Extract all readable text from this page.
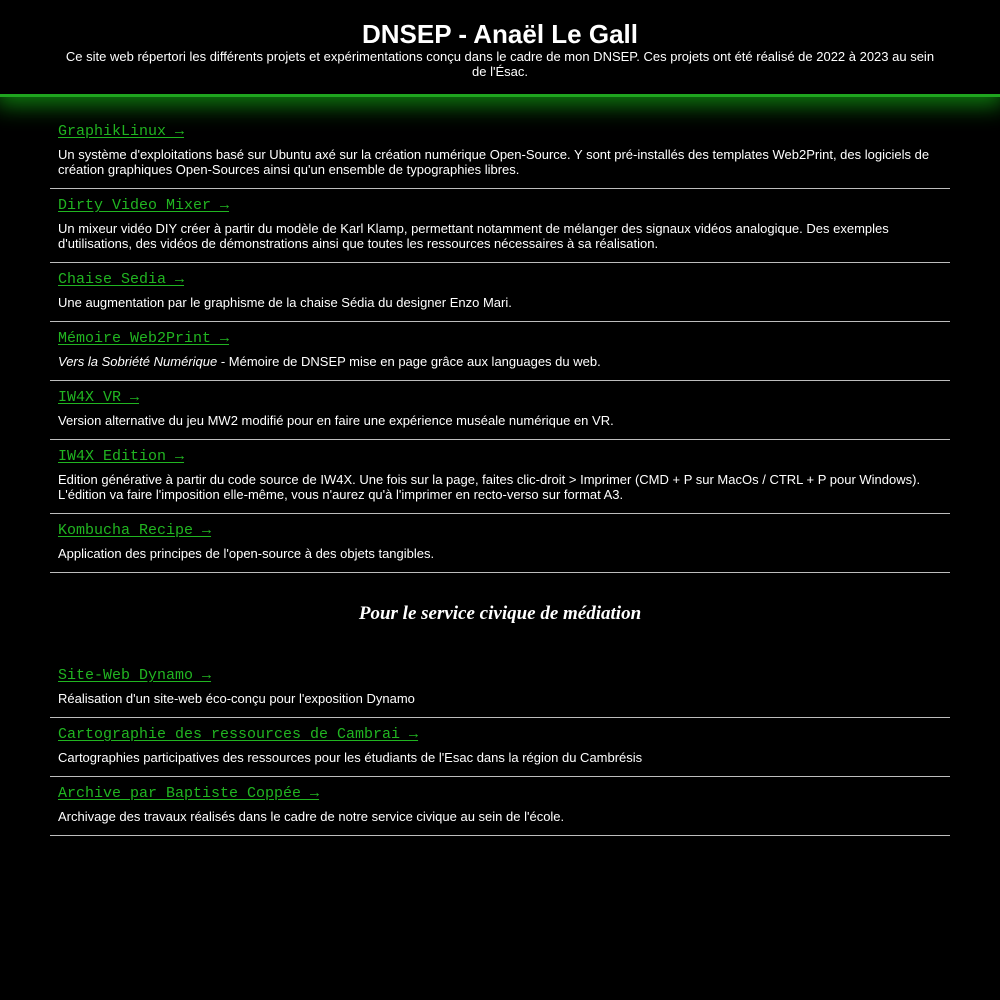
DNSEP - Anaël Le Gall

Ce site web répertori les différents projets et expérimentations conçu dans le cadre de mon DNSEP. Ces projets ont été réalisé de 2022 à 2023 au sein de l'Ésac.

GraphikLinux →

Un système d'exploitations basé sur Ubuntu axé sur la création numérique Open-Source. Y sont pré-installés des templates Web2Print, des logiciels de création graphiques Open-Sources ainsi qu'un ensemble de typographies libres.

Dirty Video Mixer →

Un mixeur vidéo DIY créer à partir du modèle de Karl Klamp, permettant notamment de mélanger des signaux vidéos analogique. Des exemples d'utilisations, des vidéos de démonstrations ainsi que toutes les ressources nécessaires à sa réalisation.

Chaise Sedia →

Une augmentation par le graphisme de la chaise Sédia du designer Enzo Mari.

Mémoire Web2Print →

Vers la Sobriété Numérique - Mémoire de DNSEP mise en page grâce aux languages du web.

IW4X VR →

Version alternative du jeu MW2 modifié pour en faire une expérience muséale numérique en VR.

IW4X Edition →

Edition générative à partir du code source de IW4X. Une fois sur la page, faites clic-droit > Imprimer (CMD + P sur MacOs / CTRL + P pour Windows). L'édition va faire l'imposition elle-même, vous n'aurez qu'à l'imprimer en recto-verso sur format A3.

Kombucha Recipe →

Application des principes de l'open-source à des objets tangibles.

Pour le service civique de médiation
Site-Web Dynamo →

Réalisation d'un site-web éco-conçu pour l'exposition Dynamo

Cartographie des ressources de Cambrai →

Cartographies participatives des ressources pour les étudiants de l'Esac dans la région du Cambrésis

Archive par Baptiste Coppée →

Archivage des travaux réalisés dans le cadre de notre service civique au sein de l'école.
